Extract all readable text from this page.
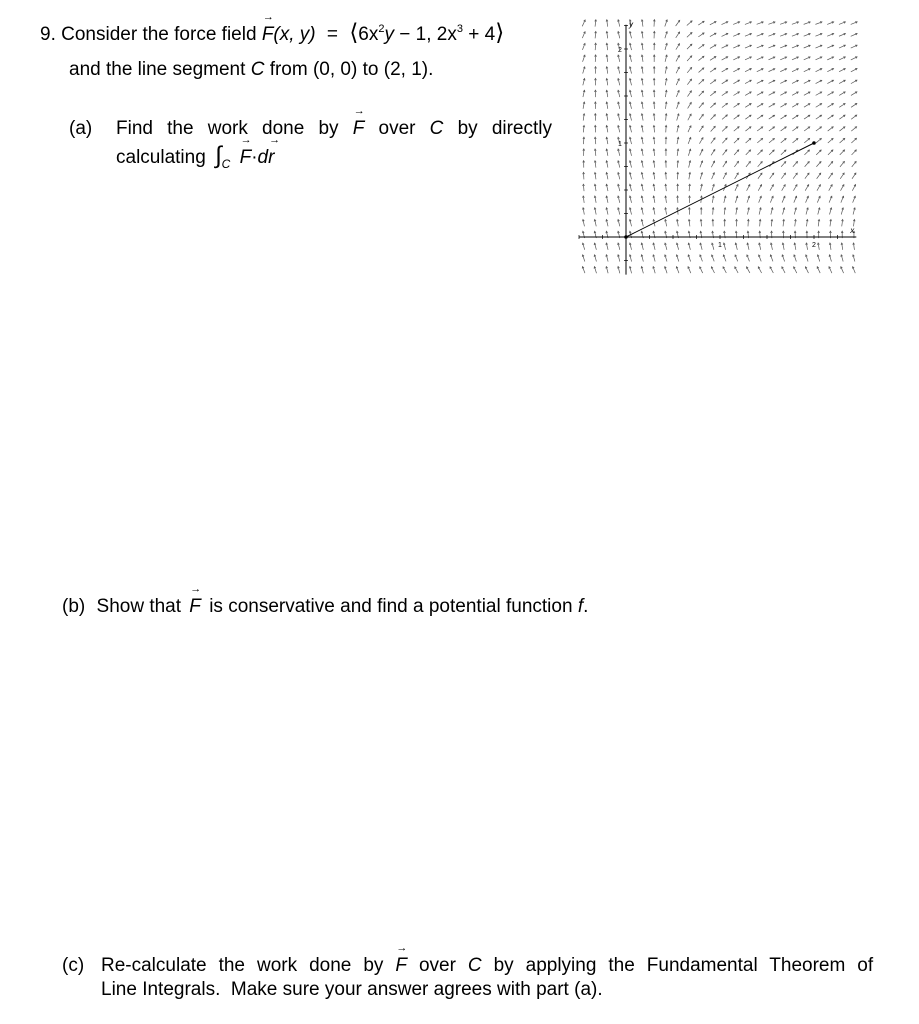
9. Consider the force field → F(x, $y) = ⟨6x^2y - 1$, $2x^3$ + 4⟩
and the line segment C from (0, 0) to (2, 1).
(a) Find the work done by → F over C by directly
calculating $\int_C \to F\cdot d\to r$
x
y
1	2
1
2
(b) Show that → F is conservative and find a potential function f.
(c) Re-calculate the work done by → F over C by applying the Fundamental Theorem of
Line Integrals.  Make sure your answer agrees with part (a).
